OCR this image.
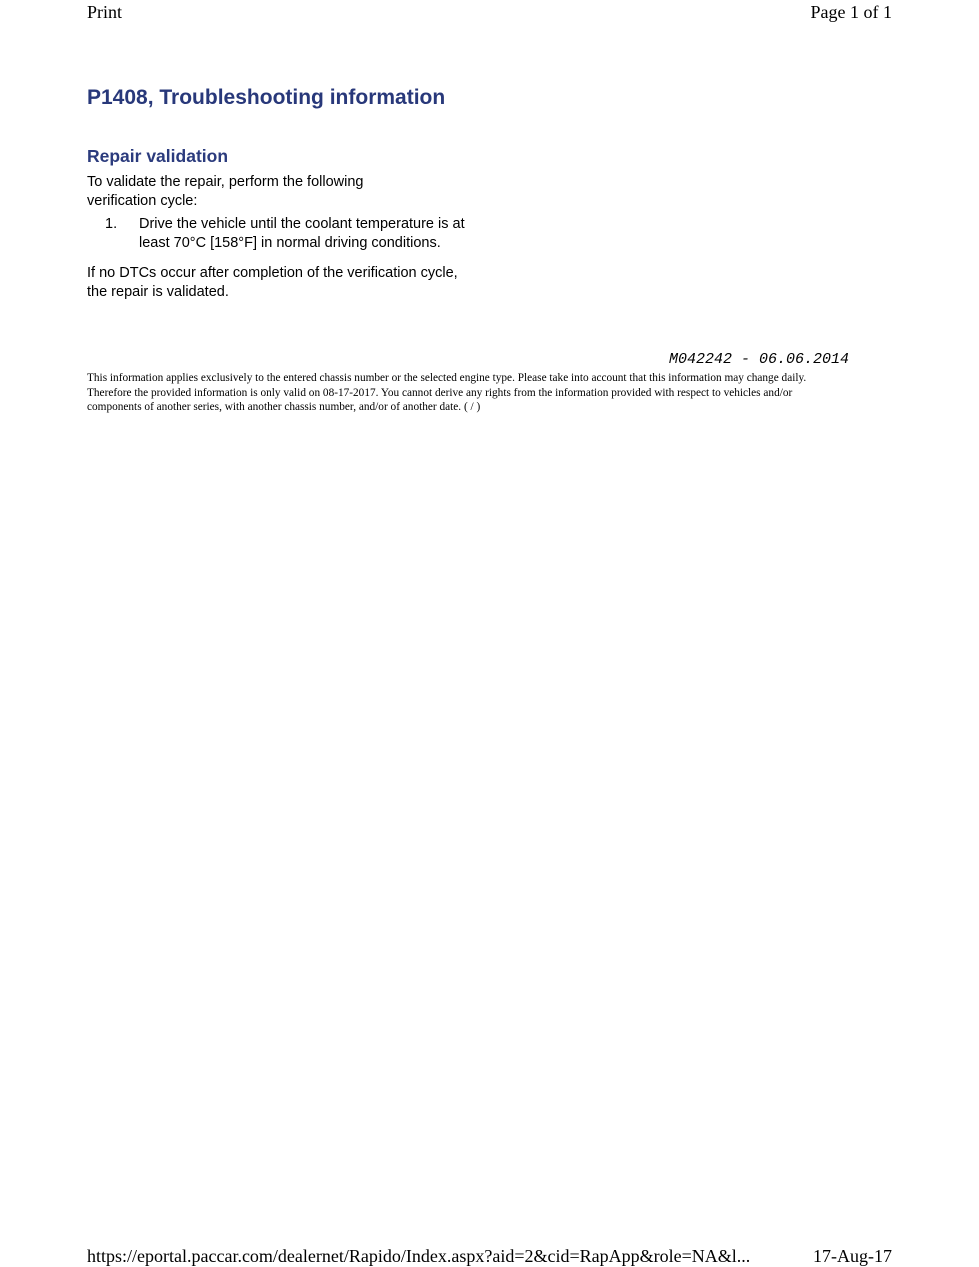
Print	Page 1 of 1
P1408, Troubleshooting information
Repair validation

To validate the repair, perform the following verification cycle:

1. Drive the vehicle until the coolant temperature is at least 70°C [158°F] in normal driving conditions.

If no DTCs occur after completion of the verification cycle, the repair is validated.

M042242 - 06.06.2014

This information applies exclusively to the entered chassis number or the selected engine type. Please take into account that this information may change daily. Therefore the provided information is only valid on 08-17-2017. You cannot derive any rights from the information provided with respect to vehicles and/or components of another series, with another chassis number, and/or of another date. ( / )

https://eportal.paccar.com/dealernet/Rapido/Index.aspx?aid=2&cid=RapApp&role=NA&l...	17-Aug-17
